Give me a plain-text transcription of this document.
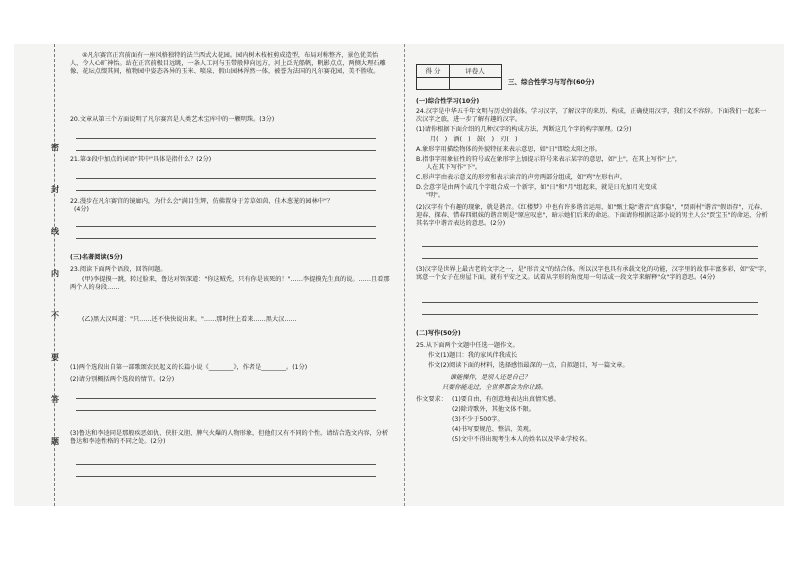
密
封
线
内
不
要
答
题

④凡尔赛宫正宫前面有一座风格独特的法兰西式大花园。园内树木枝桩剪成造型，布局对称整齐，景色优美怡人，令人心旷神怡。站在正宫前极目远眺，一条人工河与玉带般伸向远方，河上泛光船帆，帆影点点，两侧大理石雕像、花坛点缀其间，植物园中姿态各异的玉米、喷泉、假山园林浑然一体，被誉为法国的凡尔赛花园，美不胜收。

20.文章从第三个方面说明了凡尔赛宫是人类艺术宝库中的一颗明珠。(3分)

21.第③段中加点的词语"其中"具体是指什么？(2分)

22.漫步在凡尔赛宫的镜廊内，为什么会"满目生辉，仿佛置身于芳草如茵、佳木葱茏的园林中"？

(4分)

(三)名著阅读(5分)

23.阅读下面两个语段，回答问题。

(甲)李提摸一跳，转过脸来，鲁达对智深道："你这贼秃，只有你是该死的！"……李提摸先生真的说。……且看那两个人的身段……

(乙)黑大汉叫道："只……还不快快说出来。"……那时往上看来……黑大汉……

(1)两个选段出自第一部歌颂农民起义的长篇小说《________》，作者是________。(1分)

(2)请分别概括两个选段的情节。(2分)

(3)鲁达和李逵同是那般疾恶如仇、侠肝义胆、脾气火爆的人物形象，但他们又有不同的个性。请结合选文内容，分析鲁达和李逵性格的不同之处。(2分)

得 分	评卷人

三、综合性学习与写作(60分)

(一)综合性学习(10分)

24.汉字是中华五千年文明与历史的载体。学习汉字，了解汉字的来历、构成，正确使用汉字，我们义不容辞。下面我们一起来一次汉字之旅，进一步了解有趣的汉字。

(1)请你根据下面介绍的几种汉字的构成方法，判断这几个字的构字原理。(2分)

月(　)　酒(　)　鼓(　)　刃(　)

A.象形字用描绘物体的外貌特征来表示意思，如"日"即绘太阳之形。

B.指事字用象征性的符号或在象形字上加提示符号来表示某字的意思，如"上"，在其上写作"上"，

人在其下写作"下"。

C.形声字由表示意义的形旁和表示读音的声旁两部分组成，如"鸡"左形右声。

D.会意字是由两个或几个字组合成一个新字，如"日"和"月"组起来，就是日光加月光变成

"明"。

(2)汉字有个有趣的现象，就是谐音。《红楼梦》中也有许多谐音运用，如"甄士隐"谐音"真事隐"，"贾雨村"谐音"假语存"，元春、迎春、探春、惜春四姐妹的谐音则是"原应叹息"，暗示她们后来的命运。下面请你根据这部小说的男主人公"贾宝玉"的命运，分析其名字中谐音表达的意思。(2分)

(3)汉字是世界上最古老的文字之一，是"形音义"的结合体。所以汉字也具有承载文化的功能，汉字里的故事丰富多彩，如"安"字，寓意一个女子在房屋下面，就有平安之义。试着从字形的角度用一句话或一段文字来解释"众"字的意思。(4分)

(二)写作(50分)

25.从下面两个文题中任选一题作文。

作文(1)题目：我的家风伴我成长

作文(2)阅读下面的材料，选择感悟最深的一点，自拟题目，写一篇文章。

谁能操作，是别人还是自己？

只要你能走过，全世界都会为你让路。

作文要求： (1)要自由，有创意地表达出真情实感。

(2)除诗歌外，其他文体不限。

(3)不少于500字。

(4)书写要规范、整洁、美观。

(5)文中不得出现考生本人的姓名以及毕业学校名。
